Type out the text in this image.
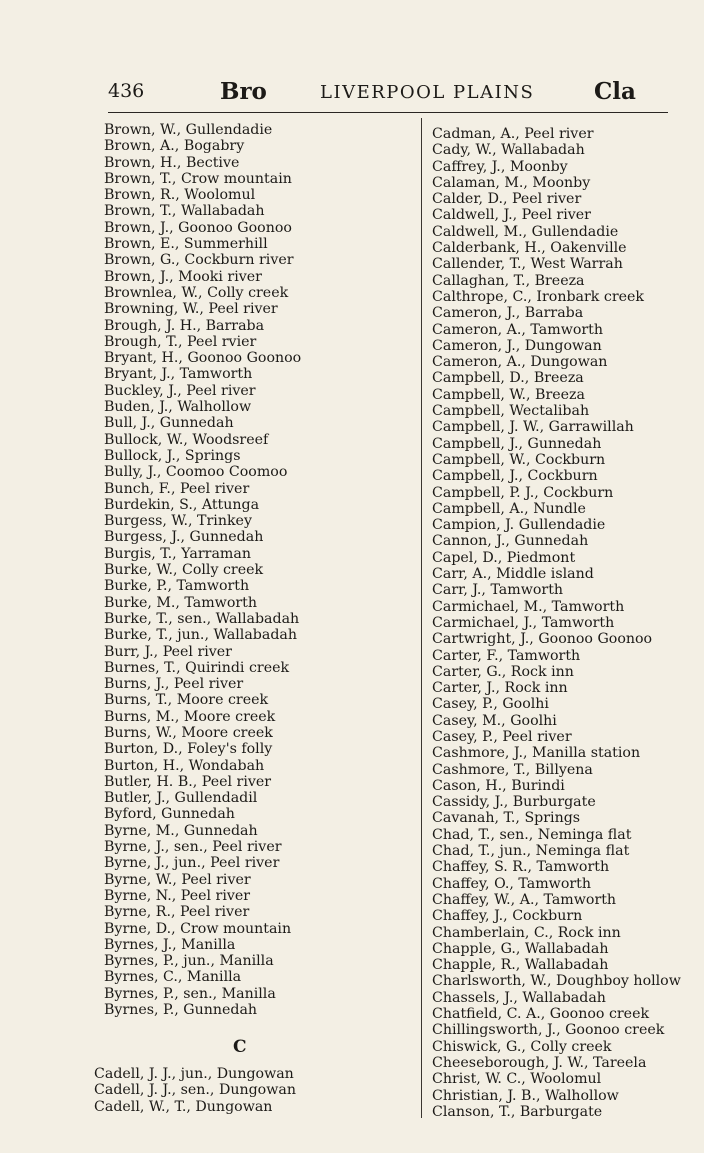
436	Bro	LIVERPOOL PLAINS	Cla
Brown, W., Gullendadie
Brown, A., Bogabry
Brown, H., Bective
Brown, T., Crow mountain
Brown, R., Woolomul
Brown, T., Wallabadah
Brown, J., Goonoo Goonoo
Brown, E., Summerhill
Brown, G., Cockburn river
Brown, J., Mooki river
Brownlea, W., Colly creek
Browning, W., Peel river
Brough, J. H., Barraba
Brough, T., Peel rvier
Bryant, H., Goonoo Goonoo
Bryant, J., Tamworth
Buckley, J., Peel river
Buden, J., Walhollow
Bull, J., Gunnedah
Bullock, W., Woodsreef
Bullock, J., Springs
Bully, J., Coomoo Coomoo
Bunch, F., Peel river
Burdekin, S., Attunga
Burgess, W., Trinkey
Burgess, J., Gunnedah
Burgis, T., Yarraman
Burke, W., Colly creek
Burke, P., Tamworth
Burke, M., Tamworth
Burke, T., sen., Wallabadah
Burke, T., jun., Wallabadah
Burr, J., Peel river
Burnes, T., Quirindi creek
Burns, J., Peel river
Burns, T., Moore creek
Burns, M., Moore creek
Burns, W., Moore creek
Burton, D., Foley's folly
Burton, H., Wondabah
Butler, H. B., Peel river
Butler, J., Gullendadil
Byford, Gunnedah
Byrne, M., Gunnedah
Byrne, J., sen., Peel river
Byrne, J., jun., Peel river
Byrne, W., Peel river
Byrne, N., Peel river
Byrne, R., Peel river
Byrne, D., Crow mountain
Byrnes, J., Manilla
Byrnes, P., jun., Manilla
Byrnes, C., Manilla
Byrnes, P., sen., Manilla
Byrnes, P., Gunnedah
C
Cadell, J. J., jun., Dungowan
Cadell, J. J., sen., Dungowan
Cadell, W., T., Dungowan
Cadman, A., Peel river
Cady, W., Wallabadah
Caffrey, J., Moonby
Calaman, M., Moonby
Calder, D., Peel river
Caldwell, J., Peel river
Caldwell, M., Gullendadie
Calderbank, H., Oakenville
Callender, T., West Warrah
Callaghan, T., Breeza
Calthrope, C., Ironbark creek
Cameron, J., Barraba
Cameron, A., Tamworth
Cameron, J., Dungowan
Cameron, A., Dungowan
Campbell, D., Breeza
Campbell, W., Breeza
Campbell, Wectalibah
Campbell, J. W., Garrawillah
Campbell, J., Gunnedah
Campbell, W., Cockburn
Campbell, J., Cockburn
Campbell, P. J., Cockburn
Campbell, A., Nundle
Campion, J. Gullendadie
Cannon, J., Gunnedah
Capel, D., Piedmont
Carr, A., Middle island
Carr, J., Tamworth
Carmichael, M., Tamworth
Carmichael, J., Tamworth
Cartwright, J., Goonoo Goonoo
Carter, F., Tamworth
Carter, G., Rock inn
Carter, J., Rock inn
Casey, P., Goolhi
Casey, M., Goolhi
Casey, P., Peel river
Cashmore, J., Manilla station
Cashmore, T., Billyena
Cason, H., Burindi
Cassidy, J., Burburgate
Cavanah, T., Springs
Chad, T., sen., Neminga flat
Chad, T., jun., Neminga flat
Chaffey, S. R., Tamworth
Chaffey, O., Tamworth
Chaffey, W., A., Tamworth
Chaffey, J., Cockburn
Chamberlain, C., Rock inn
Chapple, G., Wallabadah
Chapple, R., Wallabadah
Charlsworth, W., Doughboy hollow
Chassels, J., Wallabadah
Chatfield, C. A., Goonoo creek
Chillingsworth, J., Goonoo creek
Chiswick, G., Colly creek
Cheeseborough, J. W., Tareela
Christ, W. C., Woolomul
Christian, J. B., Walhollow
Clanson, T., Barburgate
